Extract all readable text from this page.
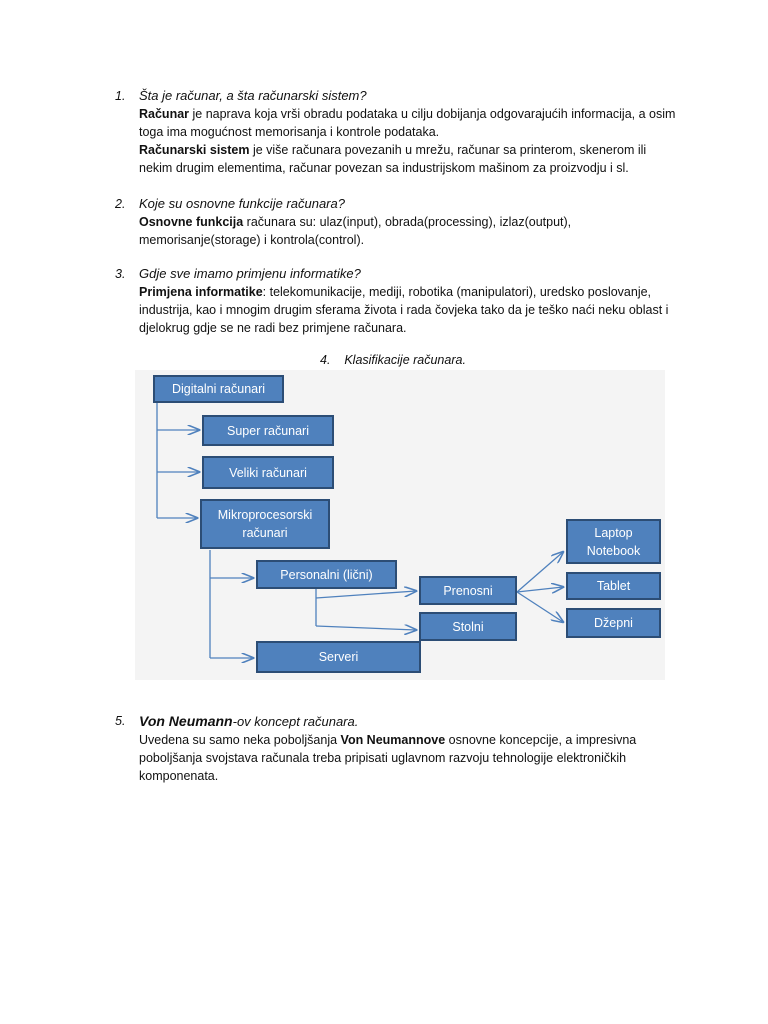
1. Šta je računar, a šta računarski sistem?
Računar je naprava koja vrši obradu podataka u cilju dobijanja odgovarajućih informacija, a osim toga ima mogućnost memorisanja i kontrole podataka.
Računarski sistem je više računara povezanih u mrežu, računar sa printerom, skenerom ili nekim drugim elementima, računar povezan sa industrijskom mašinom za proizvodju i sl.
2. Koje su osnovne funkcije računara?
Osnovne funkcija računara su: ulaz(input), obrada(processing), izlaz(output), memorisanje(storage) i kontrola(control).
3. Gdje sve imamo primjenu informatike?
Primjena informatike: telekomunikacije, mediji, robotika (manipulatori), uredsko poslovanje, industrija, kao i mnogim drugim sferama života i rada čovjeka tako da je teško naći neku oblast i djelokrug gdje se ne radi bez primjene računara.
4. Klasifikacije računara.
Digitalni računari
Super računari
Veliki računari
Mikroprocesorski
računari
Personalni (lični)
Serveri
Prenosni
Stolni
Laptop
Notebook
Tablet
Džepni
5. Von Neumann-ov koncept računara.
Uvedena su samo neka poboljšanja Von Neumannove osnovne koncepcije, a impresivna poboljšanja svojstava računala treba pripisati uglavnom razvoju tehnologije elektroničkih komponenata.
